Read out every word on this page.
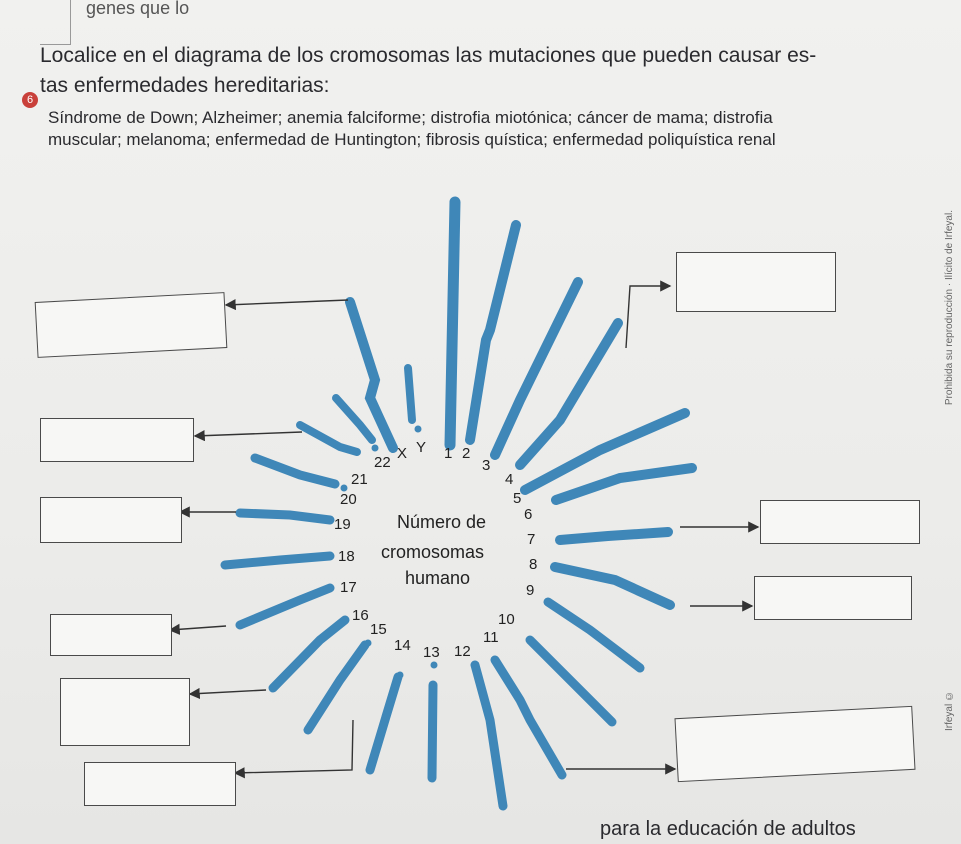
genes que lo
6
Localice en el diagrama de los cromosomas las mutaciones que pueden causar es-
tas enfermedades hereditarias:
Síndrome de Down; Alzheimer; anemia falciforme; distrofia miotónica; cáncer de mama; distrofia
muscular; melanoma; enfermedad de Huntington; fibrosis quística; enfermedad poliquística renal
Prohibida su reproducción · Ilícito de Irfeyal.
Irfeyal ©
1 2
3
4
5
6
7
8
9
10
11
12
13
14
15
16
17
18
19
20
21
22
X Y
Número de
cromosomas
humano
para la educación de adultos
